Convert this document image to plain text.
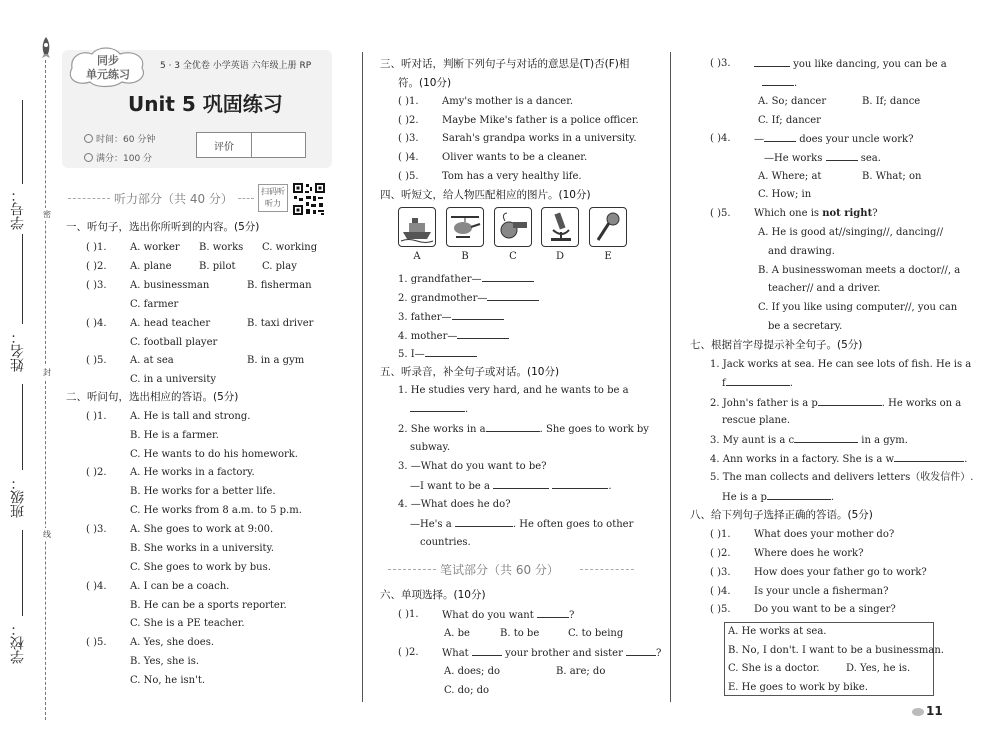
学号：
姓名：
班级：
学校：
密
封
线
同步
单元练习
5 · 3 全优卷 小学英语 六年级上册 RP
Unit 5 巩固练习
时间：60 分钟
满分：100 分
评价
听力部分（共 40 分）
扫码听听力
一、听句子，选出你所听到的内容。(5分)
( )1. A. worker B. works C. working
( )2. A. plane	B. pilot	C. play
( )3. A. businessman	B. fisherman
C. farmer
( )4. A. head teacher	B. taxi driver
C. football player
( )5. A. at sea	B. in a gym
C. in a university
二、听问句，选出相应的答语。(5分)
( )1. A. He is tall and strong.
B. He is a farmer.
C. He wants to do his homework.
( )2. A. He works in a factory.
B. He works for a better life.
C. He works from 8 a.m. to 5 p.m.
( )3. A. She goes to work at 9:00.
B. She works in a university.
C. She goes to work by bus.
( )4. A. I can be a coach.
B. He can be a sports reporter.
C. She is a PE teacher.
( )5. A. Yes, she does.
B. Yes, she is.
C. No, he isn't.
三、听对话，判断下列句子与对话的意思是(T)否(F)相
符。(10分)
( )1. Amy's mother is a dancer.
( )2. Maybe Mike's father is a police officer.
( )3. Sarah's grandpa works in a university.
( )4. Oliver wants to be a cleaner.
( )5. Tom has a very healthy life.
四、听短文，给人物匹配相应的图片。(10分)
A	B	C	D	E
1. grandfather—
2. grandmother—
3. father—
4. mother—
5. I—
五、听录音，补全句子或对话。(10分)
1. He studies very hard, and he wants to be a
.
2. She works in a	. She goes to work by
subway.
3. —What do you want to be?
—I want to be a	.
4. —What does he do?
—He's a	. He often goes to other
countries.
笔试部分（共 60 分）
六、单项选择。(10分)
( )1. What do you want	?
A. be	B. to be	C. to being
( )2. What	your brother and sister	?
A. does; do	B. are; do
C. do; do
( )3.	you like dancing, you can be a
.
A. So; dancer	B. If; dance
C. If; dancer
( )4. —	does your uncle work?
—He works	sea.
A. Where; at	B. What; on
C. How; in
( )5. Which one is not right?
A. He is good at//singing//, dancing//
and drawing.
B. A businesswoman meets a doctor//, a
teacher// and a driver.
C. If you like using computer//, you can
be a secretary.
七、根据首字母提示补全句子。(5分)
1. Jack works at sea. He can see lots of fish. He is a
f	.
2. John's father is a p	. He works on a
rescue plane.
3. My aunt is a c	in a gym.
4. Ann works in a factory. She is a w	.
5. The man collects and delivers letters（收发信件）.
He is a p	.
八、给下列句子选择正确的答语。(5分)
( )1. What does your mother do?
( )2. Where does he work?
( )3. How does your father go to work?
( )4. Is your uncle a fisherman?
( )5. Do you want to be a singer?
A. He works at sea.
B. No, I don't. I want to be a businessman.
C. She is a doctor.	D. Yes, he is.
E. He goes to work by bike.
11
